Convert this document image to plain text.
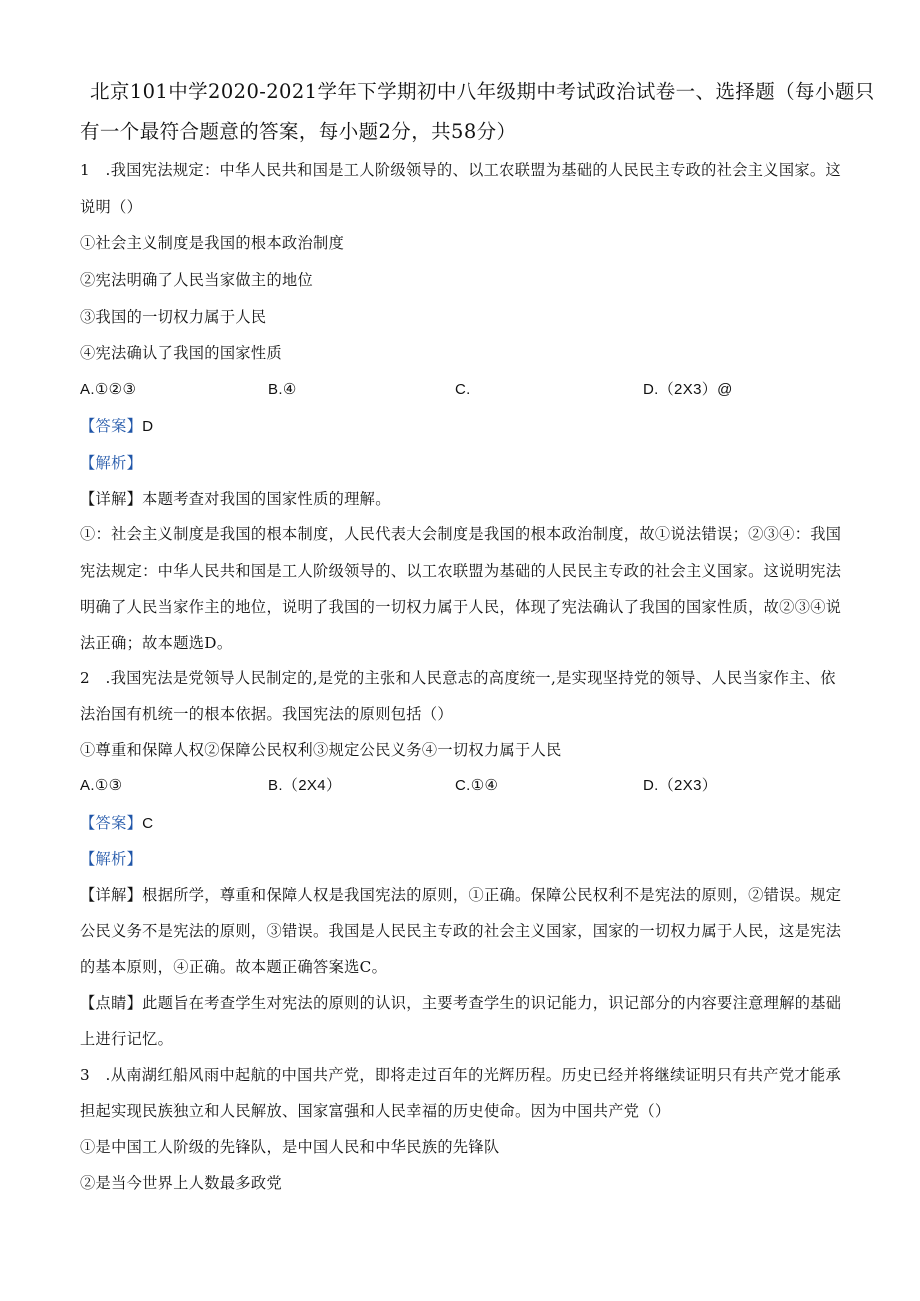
北京101中学2020-2021学年下学期初中八年级期中考试政治试卷一、选择题（每小题只
有一个最符合题意的答案，每小题2分，共58分）
1　.我国宪法规定：中华人民共和国是工人阶级领导的、以工农联盟为基础的人民民主专政的社会主义国家。这
说明（）
①社会主义制度是我国的根本政治制度
②宪法明确了人民当家做主的地位
③我国的一切权力属于人民
④宪法确认了我国的国家性质
A.①②③	B.④	C.	D.（2X3）@
【答案】D
【解析】
【详解】本题考查对我国的国家性质的理解。
①：社会主义制度是我国的根本制度，人民代表大会制度是我国的根本政治制度，故①说法错误；②③④：我国
宪法规定：中华人民共和国是工人阶级领导的、以工农联盟为基础的人民民主专政的社会主义国家。这说明宪法
明确了人民当家作主的地位，说明了我国的一切权力属于人民，体现了宪法确认了我国的国家性质，故②③④说
法正确；故本题选D。
2　.我国宪法是党领导人民制定的,是党的主张和人民意志的高度统一,是实现坚持党的领导、人民当家作主、依
法治国有机统一的根本依据。我国宪法的原则包括（）
①尊重和保障人权②保障公民权利③规定公民义务④一切权力属于人民
A.①③	B.（2X4）	C.①④	D.（2X3）
【答案】C
【解析】
【详解】根据所学，尊重和保障人权是我国宪法的原则，①正确。保障公民权利不是宪法的原则，②错误。规定
公民义务不是宪法的原则，③错误。我国是人民民主专政的社会主义国家，国家的一切权力属于人民，这是宪法
的基本原则，④正确。故本题正确答案选C。
【点睛】此题旨在考查学生对宪法的原则的认识，主要考查学生的识记能力，识记部分的内容要注意理解的基础
上进行记忆。
3　.从南湖红船风雨中起航的中国共产党，即将走过百年的光辉历程。历史已经并将继续证明只有共产党才能承
担起实现民族独立和人民解放、国家富强和人民幸福的历史使命。因为中国共产党（）
①是中国工人阶级的先锋队，是中国人民和中华民族的先锋队
②是当今世界上人数最多政党
